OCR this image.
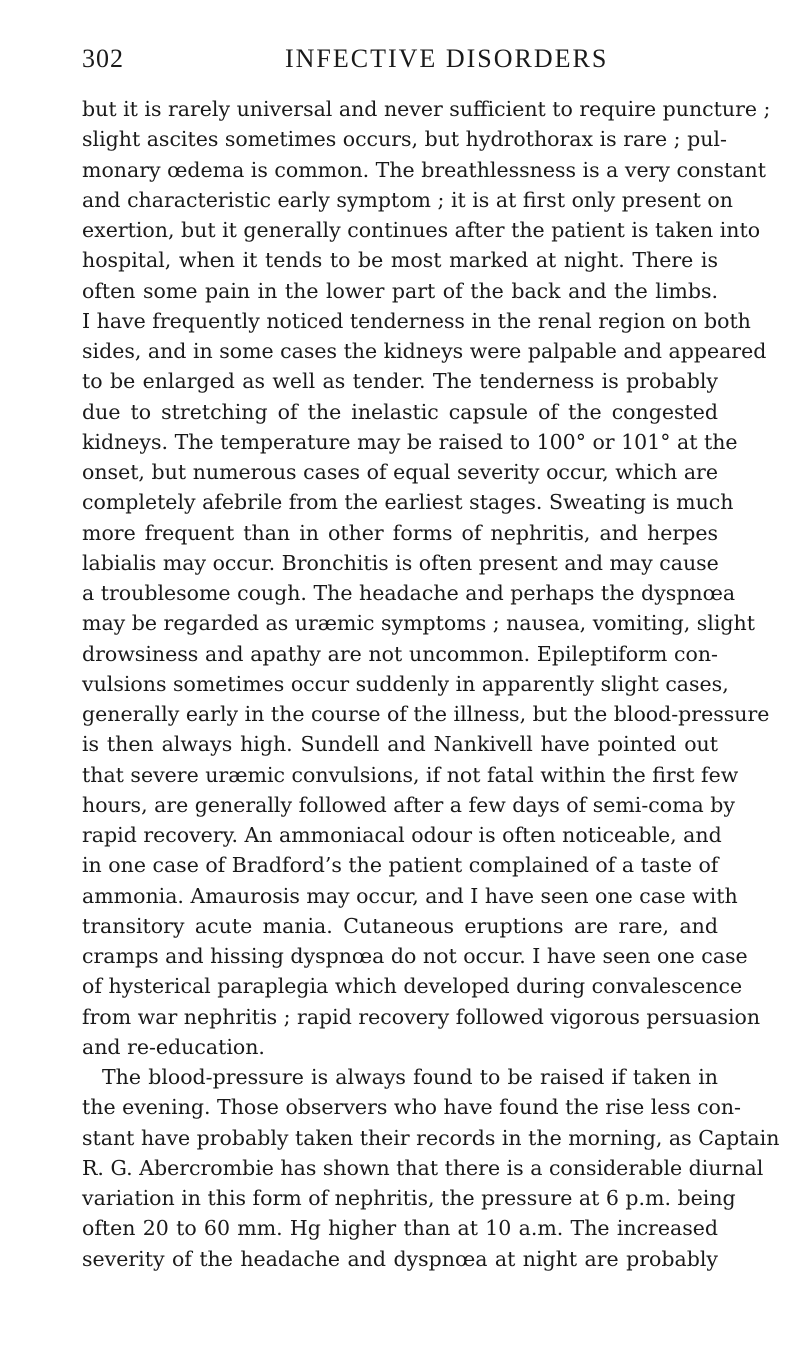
302	INFECTIVE DISORDERS
but it is rarely universal and never sufficient to require puncture ;
slight ascites sometimes occurs, but hydrothorax is rare ; pul-
monary œdema is common. The breathlessness is a very constant
and characteristic early symptom ; it is at first only present on
exertion, but it generally continues after the patient is taken into
hospital, when it tends to be most marked at night. There is
often some pain in the lower part of the back and the limbs.
I have frequently noticed tenderness in the renal region on both
sides, and in some cases the kidneys were palpable and appeared
to be enlarged as well as tender. The tenderness is probably
due to stretching of the inelastic capsule of the congested
kidneys. The temperature may be raised to 100° or 101° at the
onset, but numerous cases of equal severity occur, which are
completely afebrile from the earliest stages. Sweating is much
more frequent than in other forms of nephritis, and herpes
labialis may occur. Bronchitis is often present and may cause
a troublesome cough. The headache and perhaps the dyspnœa
may be regarded as uræmic symptoms ; nausea, vomiting, slight
drowsiness and apathy are not uncommon. Epileptiform con-
vulsions sometimes occur suddenly in apparently slight cases,
generally early in the course of the illness, but the blood-pressure
is then always high. Sundell and Nankivell have pointed out
that severe uræmic convulsions, if not fatal within the first few
hours, are generally followed after a few days of semi-coma by
rapid recovery. An ammoniacal odour is often noticeable, and
in one case of Bradford’s the patient complained of a taste of
ammonia. Amaurosis may occur, and I have seen one case with
transitory acute mania. Cutaneous eruptions are rare, and
cramps and hissing dyspnœa do not occur. I have seen one case
of hysterical paraplegia which developed during convalescence
from war nephritis ; rapid recovery followed vigorous persuasion
and re-education.
The blood-pressure is always found to be raised if taken in
the evening. Those observers who have found the rise less con-
stant have probably taken their records in the morning, as Captain
R. G. Abercrombie has shown that there is a considerable diurnal
variation in this form of nephritis, the pressure at 6 p.m. being
often 20 to 60 mm. Hg higher than at 10 a.m. The increased
severity of the headache and dyspnœa at night are probably
